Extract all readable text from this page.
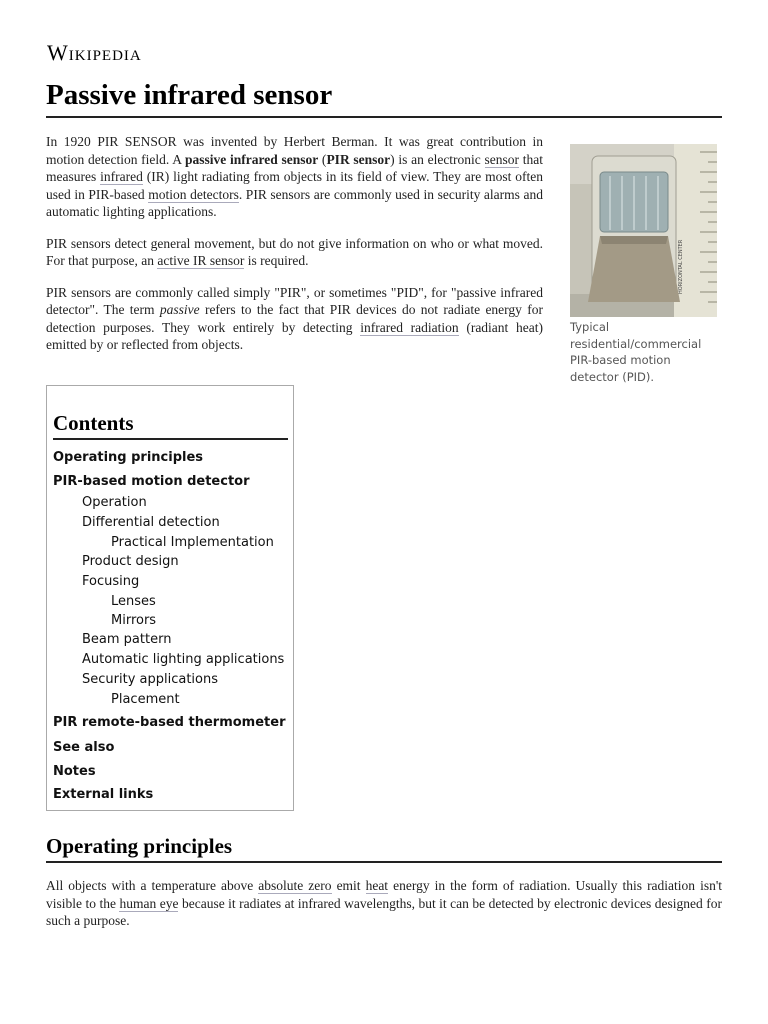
Wikipedia
Passive infrared sensor

In 1920 PIR SENSOR was invented by Herbert Berman. It was great contribution in motion detection field. A passive infrared sensor (PIR sensor) is an electronic sensor that measures infrared (IR) light radiating from objects in its field of view. They are most often used in PIR-based motion detectors. PIR sensors are commonly used in security alarms and automatic lighting applications.

PIR sensors detect general movement, but do not give information on who or what moved. For that purpose, an active IR sensor is required.

PIR sensors are commonly called simply "PIR", or sometimes "PID", for "passive infrared detector". The term passive refers to the fact that PIR devices do not radiate energy for detection purposes. They work entirely by detecting infrared radiation (radiant heat) emitted by or reflected from objects.

HORIZONTAL CENTER
Typical residential/commercial PIR-based motion detector (PID).
Contents
Operating principles
PIR-based motion detector
Operation
Differential detection
Practical Implementation
Product design
Focusing
Lenses
Mirrors
Beam pattern
Automatic lighting applications
Security applications
Placement
PIR remote-based thermometer
See also
Notes
External links
Operating principles

All objects with a temperature above absolute zero emit heat energy in the form of radiation. Usually this radiation isn't visible to the human eye because it radiates at infrared wavelengths, but it can be detected by electronic devices designed for such a purpose.
